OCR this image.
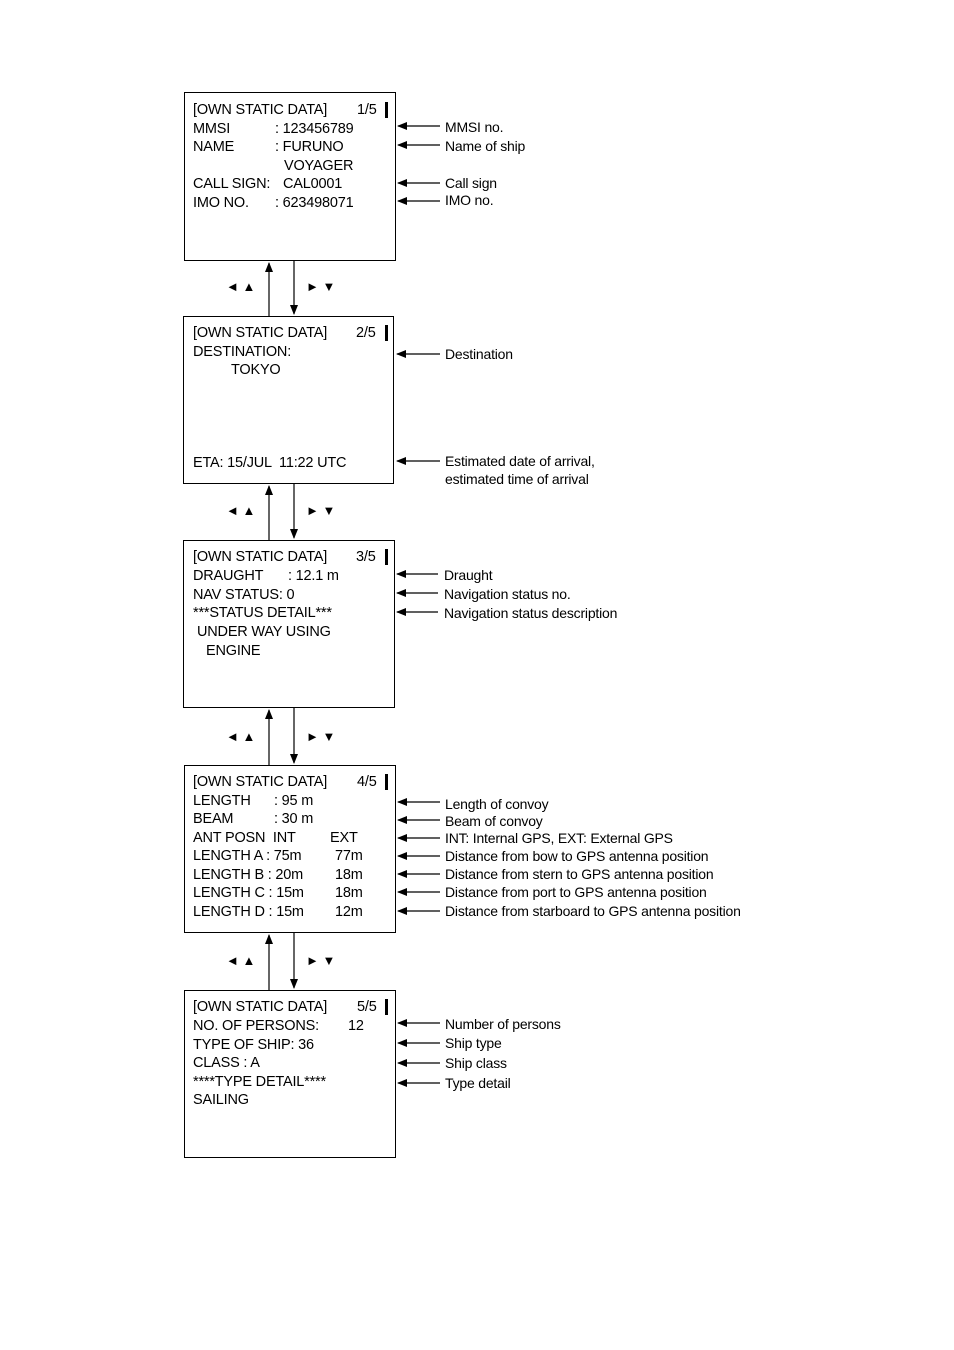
[OWN STATIC DATA] 1/5
MMSI	: 123456789
NAME	: FURUNO
VOYAGER
CALL SIGN: CAL0001
IMO NO. : 623498071
MMSI no.
Name of ship
Call sign
IMO no.
◄ ▲	► ▼
[OWN STATIC DATA] 2/5
DESTINATION:
TOKYO
ETA: 15/JUL  11:22 UTC
Destination
Estimated date of arrival,
estimated time of arrival
◄ ▲	► ▼
[OWN STATIC DATA] 3/5
DRAUGHT : 12.1 m
NAV STATUS: 0
***STATUS DETAIL***
UNDER WAY USING
ENGINE
Draught
Navigation status no.
Navigation status description
◄ ▲	► ▼
[OWN STATIC DATA] 4/5
LENGTH : 95 m
BEAM	: 30 m
ANT POSN  INT EXT
LENGTH A : 75m 77m
LENGTH B : 20m 18m
LENGTH C : 15m 18m
LENGTH D : 15m 12m
Length of convoy
Beam of convoy
INT: Internal GPS, EXT: External GPS
Distance from bow to GPS antenna position
Distance from stern to GPS antenna position
Distance from port to GPS antenna position
Distance from starboard to GPS antenna position
◄ ▲	► ▼
[OWN STATIC DATA] 5/5
NO. OF PERSONS: 12
TYPE OF SHIP: 36
CLASS : A
****TYPE DETAIL****
SAILING
Number of persons
Ship type
Ship class
Type detail
